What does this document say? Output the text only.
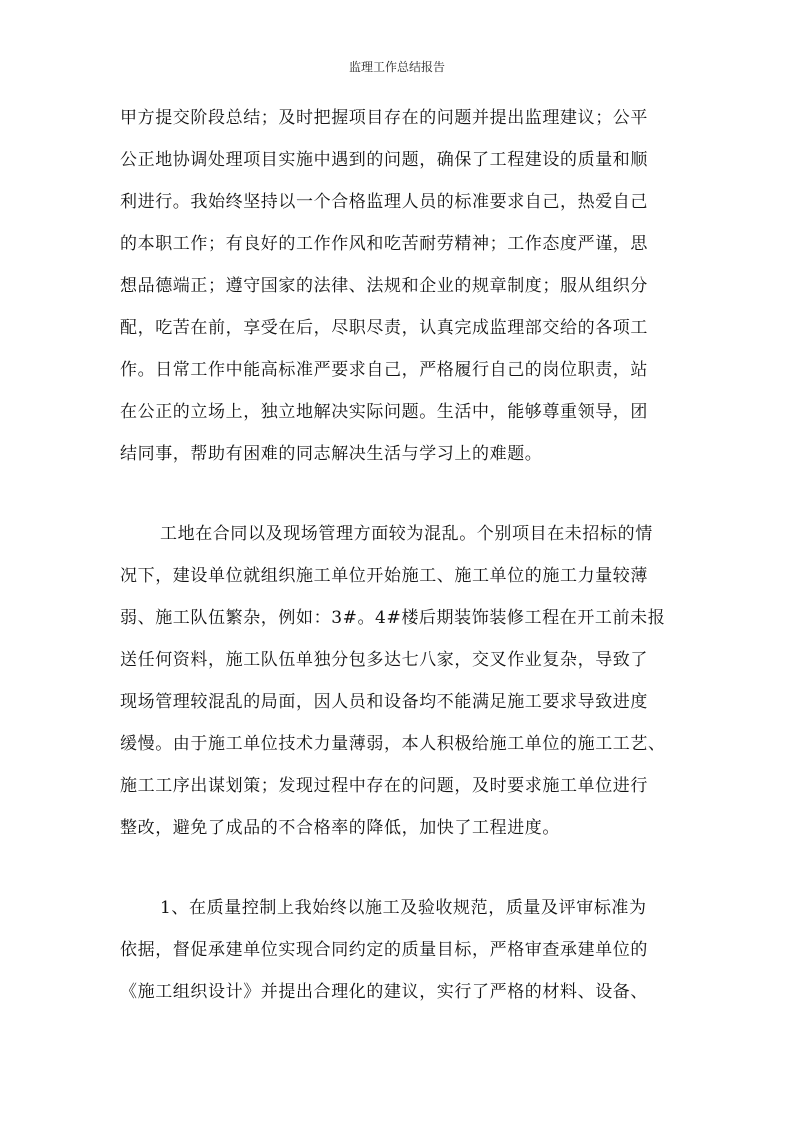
监理工作总结报告
甲方提交阶段总结；及时把握项目存在的问题并提出监理建议；公平
公正地协调处理项目实施中遇到的问题，确保了工程建设的质量和顺
利进行。我始终坚持以一个合格监理人员的标准要求自己，热爱自己
的本职工作；有良好的工作作风和吃苦耐劳精神；工作态度严谨，思
想品德端正；遵守国家的法律、法规和企业的规章制度；服从组织分
配，吃苦在前，享受在后，尽职尽责，认真完成监理部交给的各项工
作。日常工作中能高标准严要求自己，严格履行自己的岗位职责，站
在公正的立场上，独立地解决实际问题。生活中，能够尊重领导，团
结同事，帮助有困难的同志解决生活与学习上的难题。
工地在合同以及现场管理方面较为混乱。个别项目在未招标的情
况下，建设单位就组织施工单位开始施工、施工单位的施工力量较薄
弱、施工队伍繁杂，例如：3#。4#楼后期装饰装修工程在开工前未报
送任何资料，施工队伍单独分包多达七八家，交叉作业复杂，导致了
现场管理较混乱的局面，因人员和设备均不能满足施工要求导致进度
缓慢。由于施工单位技术力量薄弱，本人积极给施工单位的施工工艺、
施工工序出谋划策；发现过程中存在的问题，及时要求施工单位进行
整改，避免了成品的不合格率的降低，加快了工程进度。
1、在质量控制上我始终以施工及验收规范，质量及评审标准为
依据，督促承建单位实现合同约定的质量目标，严格审查承建单位的
《施工组织设计》并提出合理化的建议，实行了严格的材料、设备、
